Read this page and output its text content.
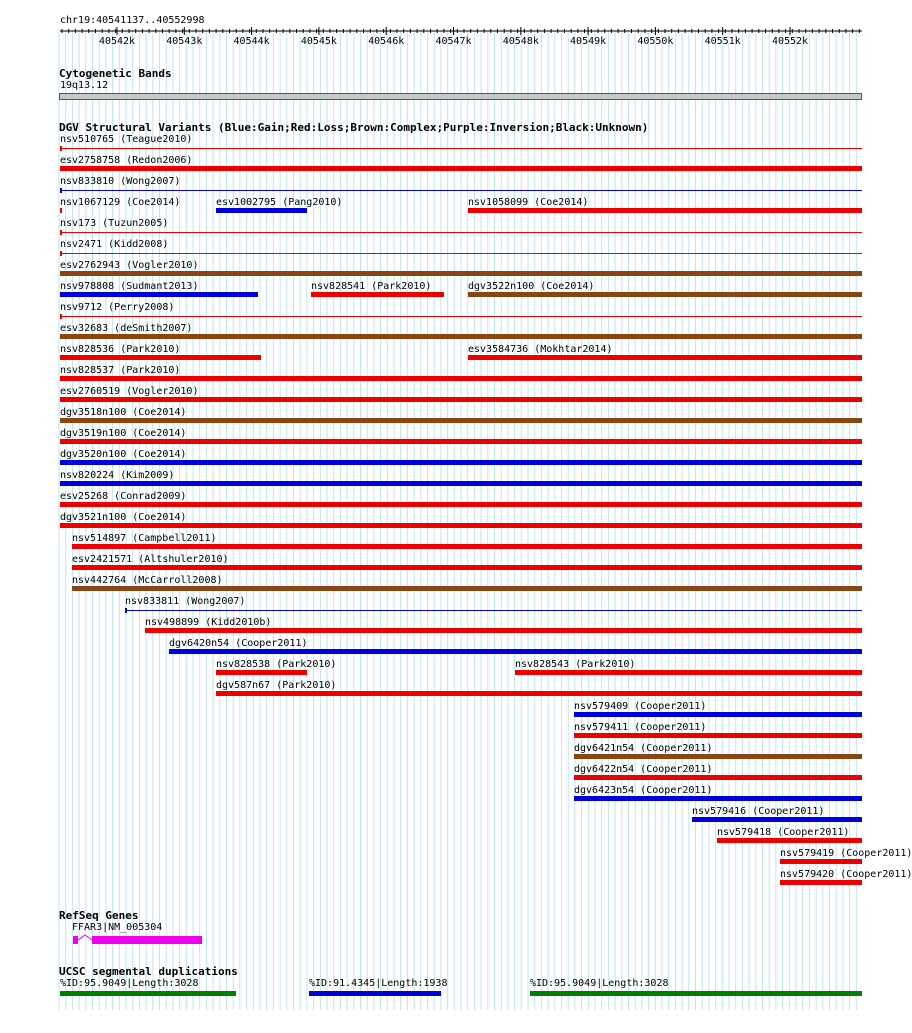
chr19:40541137..40552998
40542k	40543k	40544k	40545k	40546k	40547k	40548k	40549k	40550k	40551k	40552k
Cytogenetic Bands
19q13.12
DGV Structural Variants (Blue:Gain;Red:Loss;Brown:Complex;Purple:Inversion;Black:Unknown)
nsv510765 (Teague2010)
esv2758758 (Redon2006)
nsv833810 (Wong2007)
nsv1067129 (Coe2014)	esv1002795 (Pang2010)	nsv1058099 (Coe2014)
nsv173 (Tuzun2005)
nsv2471 (Kidd2008)
esv2762943 (Vogler2010)
nsv978808 (Sudmant2013)	nsv828541 (Park2010)	dgv3522n100 (Coe2014)
nsv9712 (Perry2008)
esv32683 (deSmith2007)
nsv828536 (Park2010)	esv3584736 (Mokhtar2014)
nsv828537 (Park2010)
esv2760519 (Vogler2010)
dgv3518n100 (Coe2014)
dgv3519n100 (Coe2014)
dgv3520n100 (Coe2014)
nsv820224 (Kim2009)
esv25268 (Conrad2009)
dgv3521n100 (Coe2014)
nsv514897 (Campbell2011)
esv2421571 (Altshuler2010)
nsv442764 (McCarroll2008)
nsv833811 (Wong2007)
nsv498899 (Kidd2010b)
dgv6420n54 (Cooper2011)
nsv828538 (Park2010)	nsv828543 (Park2010)
dgv587n67 (Park2010)
nsv579409 (Cooper2011)
nsv579411 (Cooper2011)
dgv6421n54 (Cooper2011)
dgv6422n54 (Cooper2011)
dgv6423n54 (Cooper2011)
nsv579416 (Cooper2011)
nsv579418 (Cooper2011)
nsv579419 (Cooper2011)
nsv579420 (Cooper2011)
RefSeq Genes
FFAR3|NM_005304
UCSC segmental duplications
%ID:95.9049|Length:3028	%ID:91.4345|Length:1938	%ID:95.9049|Length:3028
